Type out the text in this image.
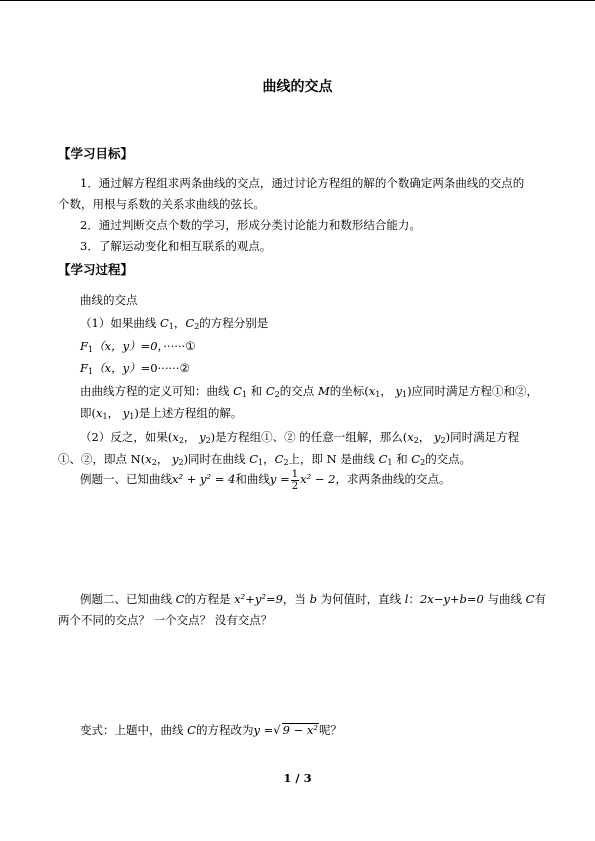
曲线的交点
【学习目标】
1．通过解方程组求两条曲线的交点，通过讨论方程组的解的个数确定两条曲线的交点的
个数，用根与系数的关系求曲线的弦长。
2．通过判断交点个数的学习，形成分类讨论能力和数形结合能力。
3．了解运动变化和相互联系的观点。
【学习过程】
曲线的交点
（1）如果曲线 $C_1$，$C_2$的方程分别是
$F_1(x$，y）=0，······①
$F_1(x$，y）=0······②
由曲线方程的定义可知：曲线 $C_1$ 和 $C_2$的交点 M的坐标($x_1$， $y_1$)应同时满足方程①和②，
即($x_1$， $y_1$)是上述方程组的解。
（2）反之，如果($x_2$， $y_2$)是方程组①、② 的任意一组解，那么($x_2$， $y_2$)同时满足方程
①、②，即点 $N(x_2$， $y_2$)同时在曲线 $C_1$，$C_2$上，即 N 是曲线 $C_1$ 和 $C_2$的交点。
例题一、已知曲线x² + y² = 4和曲线$y = \frac{1}{2} x^2 - 2$，求两条曲线的交点。
例题二、已知曲线 C的方程是 x²+y²=9，当 b 为何值时，直线 l：2x−y+b=0 与曲线 C有
两个不同的交点？ 一个交点？ 没有交点？
变式：上题中，曲线 C的方程改为y =√ 9 − x²呢？
1 / 3
